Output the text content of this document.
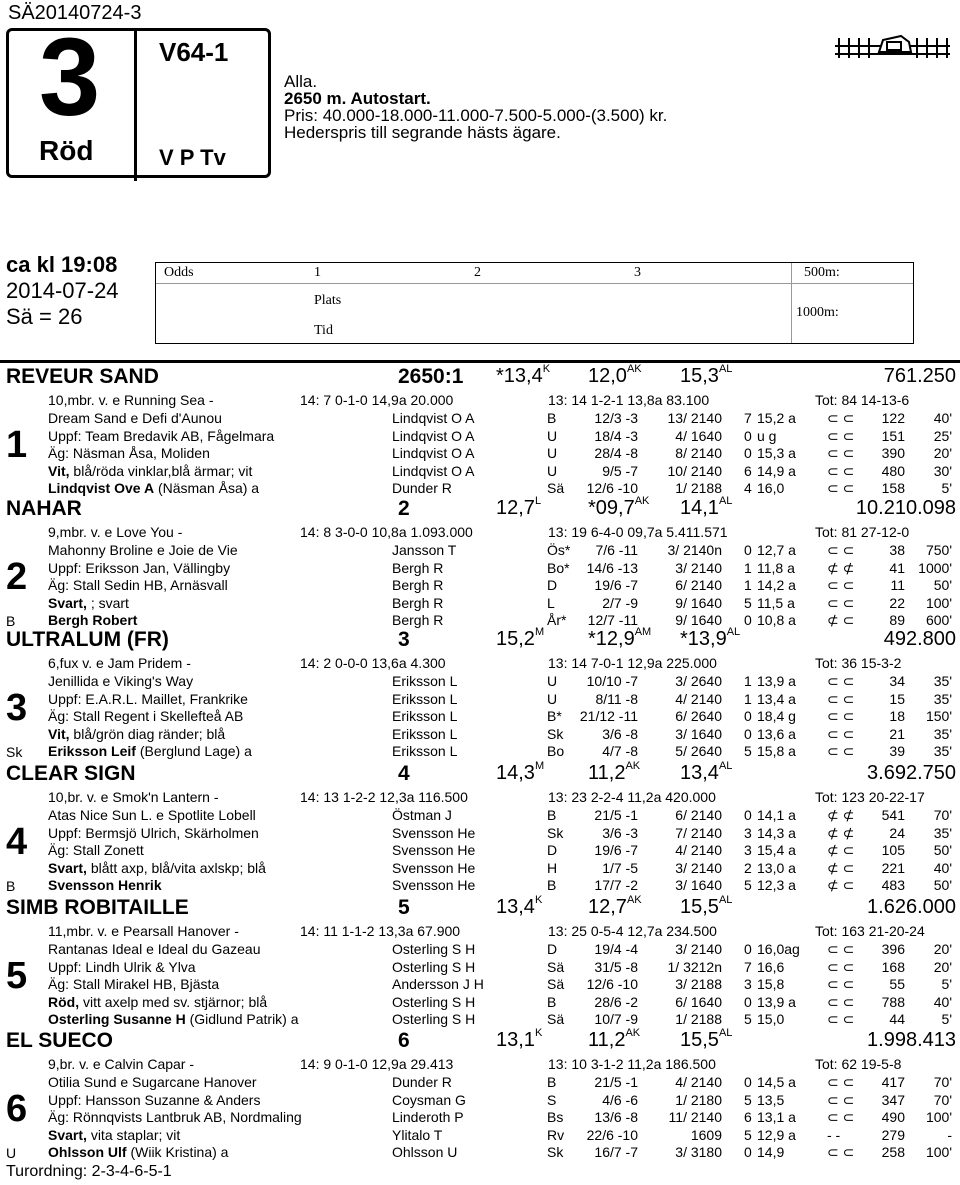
SÄ20140724-3
3
Röd
V64-1
V P Tv
Alla.
2650 m. Autostart.
Pris: 40.000-18.000-11.000-7.500-5.000-(3.500) kr.
Hederspris till segrande hästs ägare.
ca kl 19:08
2014-07-24
Sä = 26
Odds	1	2	3
Plats
Tid
500m:
1000m:
REVEUR SAND	2650:1 $*13,4^K$ $12,0^{AK}$ $15,3^{AL}$	761.250
10,mbr. v. e Running Sea -	14: 7 0-1-0 14,9a 20.000	13: 14 1-2-1 13,8a 83.100	Tot: 84 14-13-6
1
Dream Sand e Defi d'Aunou	Lindqvist O A	B	12/3 -3 13/ 2140 7 15,2 a ⊂ ⊂ 122 40'
Uppf: Team Bredavik AB, Fågelmara	Lindqvist O A	U	18/4 -3	4/ 1640 0 u g	⊂ ⊂ 151 25'
Äg: Näsman Åsa, Moliden	Lindqvist O A	U	28/4 -8	8/ 2140 0 15,3 a ⊂ ⊂ 390 20'
Vit, blå/röda vinklar,blå ärmar; vit	Lindqvist O A	U	9/5 -7 10/ 2140 6 14,9 a ⊂ ⊂ 480 30'
Lindqvist Ove A (Näsman Åsa) a	Dunder R	Sä 12/6 -10	1/ 2188 4 16,0	⊂ ⊂ 158	5'
NAHAR	2	$12,7^L$ $*09,7^{AK}$ $14,1^{AL}$	10.210.098
9,mbr. v. e Love You -	14: 8 3-0-0 10,8a 1.093.000	13: 19 6-4-0 09,7a 5.411.571	Tot: 81 27-12-0
2
B
Mahonny Broline e Joie de Vie	Jansson T	Ös* 7/6 -11 3/ 2140n 0 12,7 a ⊂ ⊂	38 750'
Uppf: Eriksson Jan, Vällingby	Bergh R	Bo* 14/6 -13	3/ 2140 1 11,8 a ⊄ ⊄	41 1000'
Äg: Stall Sedin HB, Arnäsvall	Bergh R	D	19/6 -7	6/ 2140 1 14,2 a ⊂ ⊂	11 50'
Svart, ; svart	Bergh R	L	2/7 -9	9/ 1640 5 11,5 a ⊂ ⊂	22 100'
Bergh Robert	Bergh R	År* 12/7 -11	9/ 1640 0 10,8 a ⊄ ⊂	89 600'
ULTRALUM (FR)	3	$15,2^M$ $*12,9^{AM}$ $*13,9^{AL}$	492.800
6,fux v. e Jam Pridem -	14: 2 0-0-0 13,6a 4.300	13: 14 7-0-1 12,9a 225.000	Tot: 36 15-3-2
3
Sk
Jenillida e Viking's Way	Eriksson L	U 10/10 -7	3/ 2640 1 13,9 a ⊂ ⊂	34 35'
Uppf: E.A.R.L. Maillet, Frankrike	Eriksson L	U	8/11 -8	4/ 2140 1 13,4 a ⊂ ⊂	15 35'
Äg: Stall Regent i Skellefteå AB	Eriksson L	B* 21/12 -11	6/ 2640 0 18,4 g ⊂ ⊂	18 150'
Vit, blå/grön diag ränder; blå	Eriksson L	Sk	3/6 -8	3/ 1640 0 13,6 a ⊂ ⊂	21 35'
Eriksson Leif (Berglund Lage) a	Eriksson L	Bo	4/7 -8	5/ 2640 5 15,8 a ⊂ ⊂	39 35'
CLEAR SIGN	4	$14,3^M$ $11,2^{AK}$ $13,4^{AL}$	3.692.750
10,br. v. e Smok'n Lantern -	14: 13 1-2-2 12,3a 116.500	13: 23 2-2-4 11,2a 420.000	Tot: 123 20-22-17
4
B
Atas Nice Sun L. e Spotlite Lobell	Östman J	B	21/5 -1	6/ 2140 0 14,1 a ⊄ ⊄ 541 70'
Uppf: Bermsjö Ulrich, Skärholmen	Svensson He	Sk	3/6 -3	7/ 2140 3 14,3 a ⊄ ⊄	24 35'
Äg: Stall Zonett	Svensson He	D	19/6 -7	4/ 2140 3 15,4 a ⊄ ⊂ 105 50'
Svart, blått axp, blå/vita axlskp; blå	Svensson He	H	1/7 -5	3/ 2140 2 13,0 a ⊄ ⊂ 221 40'
Svensson Henrik	Svensson He	B	17/7 -2	3/ 1640 5 12,3 a ⊄ ⊂ 483 50'
SIMB ROBITAILLE	5	$13,4^K$ $12,7^{AK}$ $15,5^{AL}$	1.626.000
11,mbr. v. e Pearsall Hanover -	14: 11 1-1-2 13,3a 67.900	13: 25 0-5-4 12,7a 234.500	Tot: 163 21-20-24
5
Rantanas Ideal e Ideal du Gazeau	Osterling S H	D	19/4 -4	3/ 2140 0 16,0ag ⊂ ⊂ 396 20'
Uppf: Lindh Ulrik & Ylva	Osterling S H	Sä 31/5 -8 1/ 3212n 7 16,6	⊂ ⊂ 168 20'
Äg: Stall Mirakel HB, Bjästa	Andersson J H	Sä 12/6 -10	3/ 2188 3 15,8	⊂ ⊂	55	5'
Röd, vitt axelp med sv. stjärnor; blå	Osterling S H	B	28/6 -2	6/ 1640 0 13,9 a ⊂ ⊂ 788 40'
Osterling Susanne H (Gidlund Patrik) a	Osterling S H	Sä 10/7 -9	1/ 2188 5 15,0	⊂ ⊂	44	5'
EL SUECO	6	$13,1^K$ $11,2^{AK}$ $15,5^{AL}$	1.998.413
9,br. v. e Calvin Capar -	14: 9 0-1-0 12,9a 29.413	13: 10 3-1-2 11,2a 186.500	Tot: 62 19-5-8
6
U
Otilia Sund e Sugarcane Hanover	Dunder R	B	21/5 -1	4/ 2140 0 14,5 a ⊂ ⊂ 417 70'
Uppf: Hansson Suzanne & Anders	Coysman G	S	4/6 -6	1/ 2180 5 13,5	⊂ ⊂ 347 70'
Äg: Rönnqvists Lantbruk AB, Nordmaling	Linderoth P	Bs 13/6 -8 11/ 2140 6 13,1 a ⊂ ⊂ 490 100'
Svart, vita staplar; vit	Ylitalo T	Rv 22/6 -10	1609 5 12,9 a - -	279	-
Ohlsson Ulf (Wiik Kristina) a	Ohlsson U	Sk 16/7 -7	3/ 3180 0 14,9	⊂ ⊂ 258 100'
Turordning: 2-3-4-6-5-1
